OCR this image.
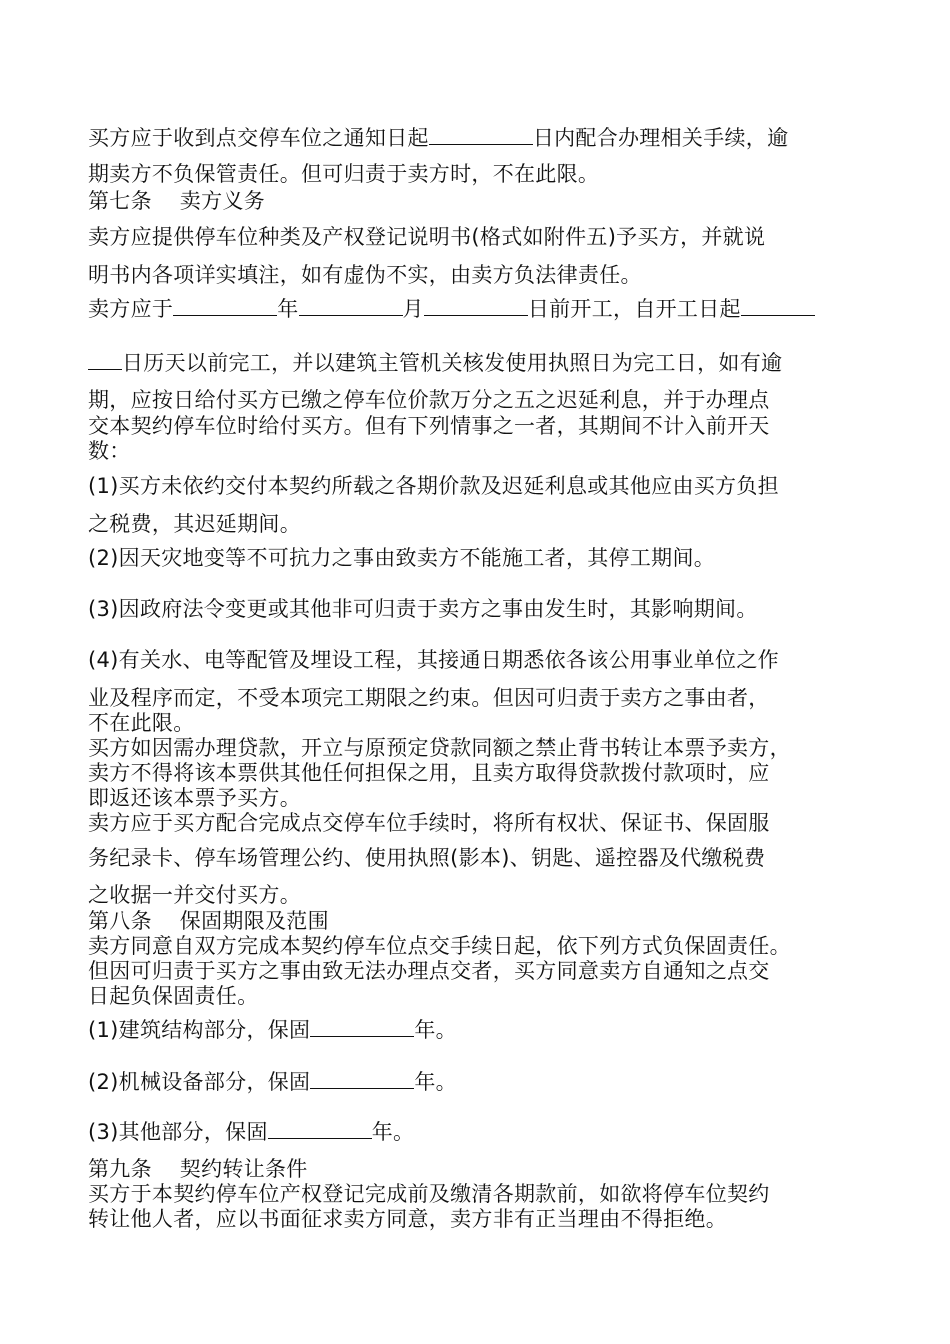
买方应于收到点交停车位之通知日起	日内配合办理相关手续，逾
期卖方不负保管责任。但可归责于卖方时，不在此限。
第七条    卖方义务
卖方应提供停车位种类及产权登记说明书(格式如附件五)予买方，并就说
明书内各项详实填注，如有虚伪不实，由卖方负法律责任。
卖方应于	年	月	日前开工，自开工日起
日历天以前完工，并以建筑主管机关核发使用执照日为完工日，如有逾
期，应按日给付买方已缴之停车位价款万分之五之迟延利息，并于办理点
交本契约停车位时给付买方。但有下列情事之一者，其期间不计入前开天
数：
(1)买方未依约交付本契约所载之各期价款及迟延利息或其他应由买方负担
之税费，其迟延期间。
(2)因天灾地变等不可抗力之事由致卖方不能施工者，其停工期间。
(3)因政府法令变更或其他非可归责于卖方之事由发生时，其影响期间。
(4)有关水、电等配管及埋设工程，其接通日期悉依各该公用事业单位之作
业及程序而定，不受本项完工期限之约束。但因可归责于卖方之事由者，
不在此限。
买方如因需办理贷款，开立与原预定贷款同额之禁止背书转让本票予卖方，
卖方不得将该本票供其他任何担保之用，且卖方取得贷款拨付款项时，应
即返还该本票予买方。
卖方应于买方配合完成点交停车位手续时，将所有权状、保证书、保固服
务纪录卡、停车场管理公约、使用执照(影本)、钥匙、遥控器及代缴税费
之收据一并交付买方。
第八条    保固期限及范围
卖方同意自双方完成本契约停车位点交手续日起，依下列方式负保固责任。
但因可归责于买方之事由致无法办理点交者，买方同意卖方自通知之点交
日起负保固责任。
(1)建筑结构部分，保固	年。
(2)机械设备部分，保固	年。
(3)其他部分，保固	年。
第九条    契约转让条件
买方于本契约停车位产权登记完成前及缴清各期款前，如欲将停车位契约
转让他人者，应以书面征求卖方同意，卖方非有正当理由不得拒绝。
